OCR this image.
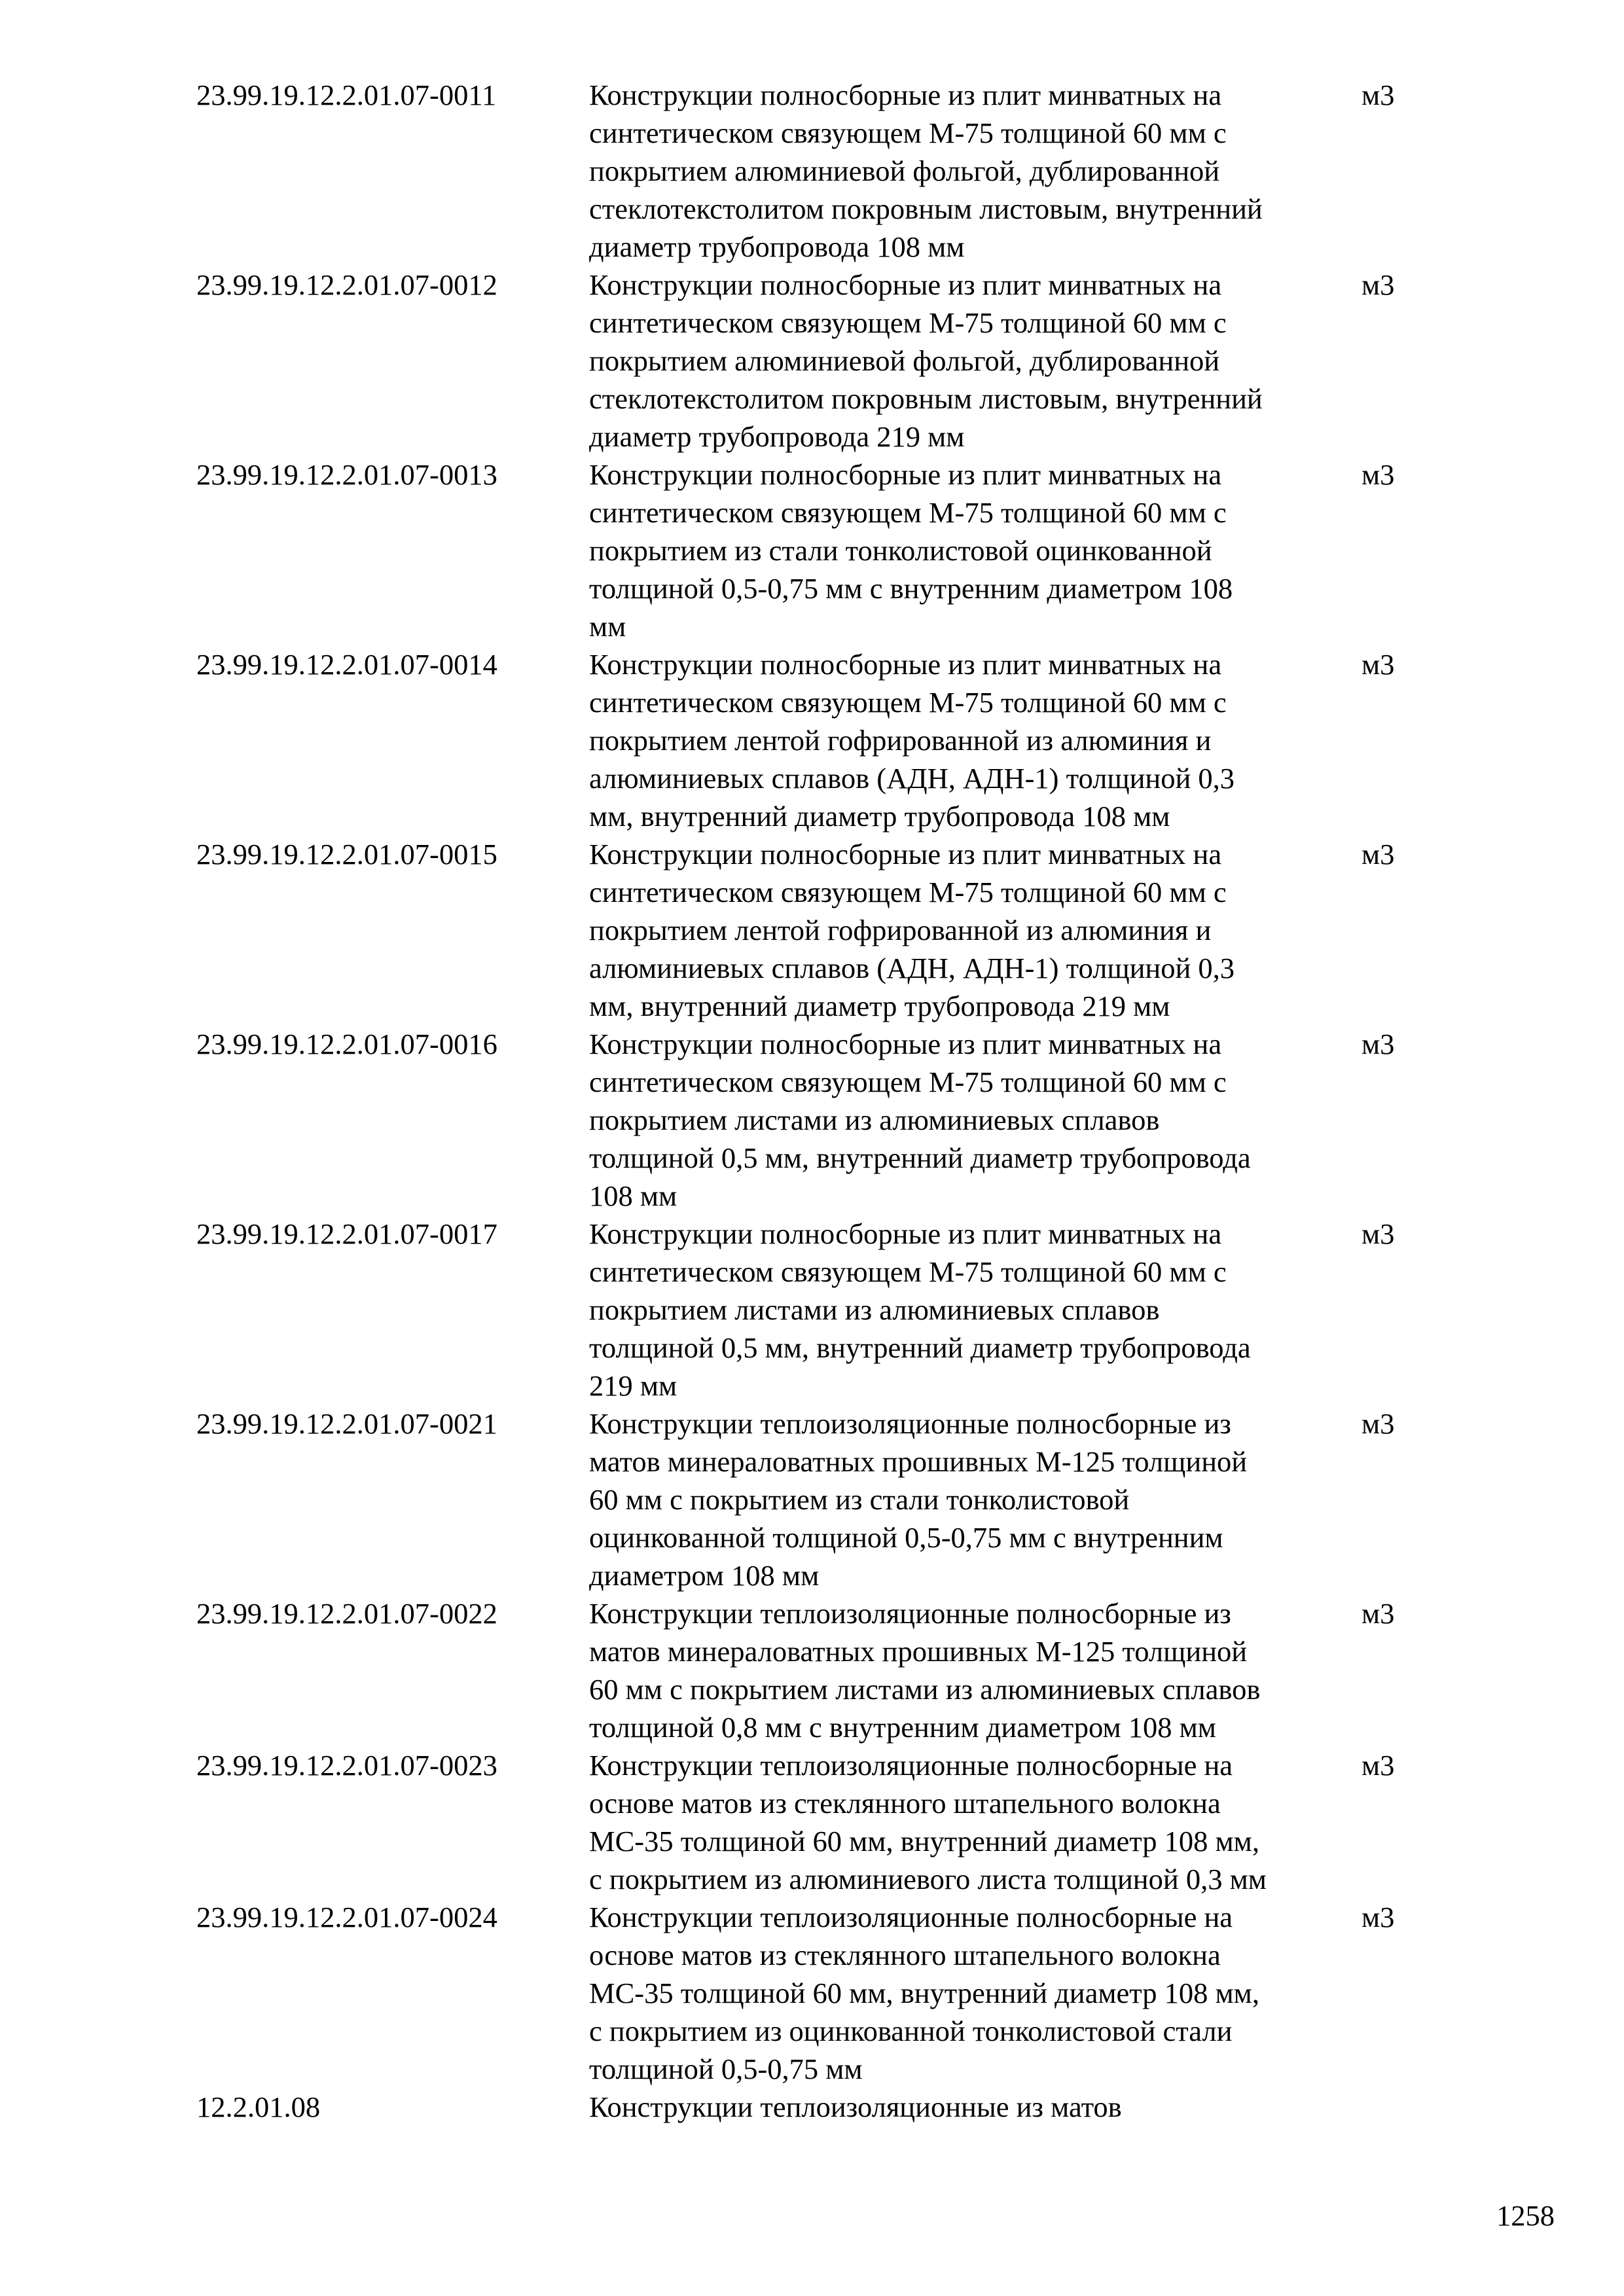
23.99.19.12.2.01.07-0011	Конструкции полносборные из плит минватных на
синтетическом связующем М-75 толщиной 60 мм с
покрытием алюминиевой фольгой, дублированной
стеклотекстолитом покровным листовым, внутренний
диаметр трубопровода 108 мм
м3
23.99.19.12.2.01.07-0012	Конструкции полносборные из плит минватных на
синтетическом связующем М-75 толщиной 60 мм с
покрытием алюминиевой фольгой, дублированной
стеклотекстолитом покровным листовым, внутренний
диаметр трубопровода 219 мм
м3
23.99.19.12.2.01.07-0013	Конструкции полносборные из плит минватных на
синтетическом связующем М-75 толщиной 60 мм с
покрытием из стали тонколистовой оцинкованной
толщиной 0,5-0,75 мм с внутренним диаметром 108
мм
м3
23.99.19.12.2.01.07-0014	Конструкции полносборные из плит минватных на
синтетическом связующем М-75 толщиной 60 мм с
покрытием лентой гофрированной из алюминия и
алюминиевых сплавов (АДН, АДН-1) толщиной 0,3
мм, внутренний диаметр трубопровода 108 мм
м3
23.99.19.12.2.01.07-0015	Конструкции полносборные из плит минватных на
синтетическом связующем М-75 толщиной 60 мм с
покрытием лентой гофрированной из алюминия и
алюминиевых сплавов (АДН, АДН-1) толщиной 0,3
мм, внутренний диаметр трубопровода 219 мм
м3
23.99.19.12.2.01.07-0016	Конструкции полносборные из плит минватных на
синтетическом связующем М-75 толщиной 60 мм с
покрытием листами из алюминиевых сплавов
толщиной 0,5 мм, внутренний диаметр трубопровода
108 мм
м3
23.99.19.12.2.01.07-0017	Конструкции полносборные из плит минватных на
синтетическом связующем М-75 толщиной 60 мм с
покрытием листами из алюминиевых сплавов
толщиной 0,5 мм, внутренний диаметр трубопровода
219 мм
м3
23.99.19.12.2.01.07-0021	Конструкции теплоизоляционные полносборные из
матов минераловатных прошивных М-125 толщиной
60 мм с покрытием из стали тонколистовой
оцинкованной толщиной 0,5-0,75 мм с внутренним
диаметром 108 мм
м3
23.99.19.12.2.01.07-0022	Конструкции теплоизоляционные полносборные из
матов минераловатных прошивных М-125 толщиной
60 мм с покрытием листами из алюминиевых сплавов
толщиной 0,8 мм с внутренним диаметром 108 мм
м3
23.99.19.12.2.01.07-0023	Конструкции теплоизоляционные полносборные на
основе матов из стеклянного штапельного волокна
МС-35 толщиной 60 мм, внутренний диаметр 108 мм,
с покрытием из алюминиевого листа толщиной 0,3 мм
м3
23.99.19.12.2.01.07-0024	Конструкции теплоизоляционные полносборные на
основе матов из стеклянного штапельного волокна
МС-35 толщиной 60 мм, внутренний диаметр 108 мм,
с покрытием из оцинкованной тонколистовой стали
толщиной 0,5-0,75 мм
м3
12.2.01.08	Конструкции теплоизоляционные из матов
1258
